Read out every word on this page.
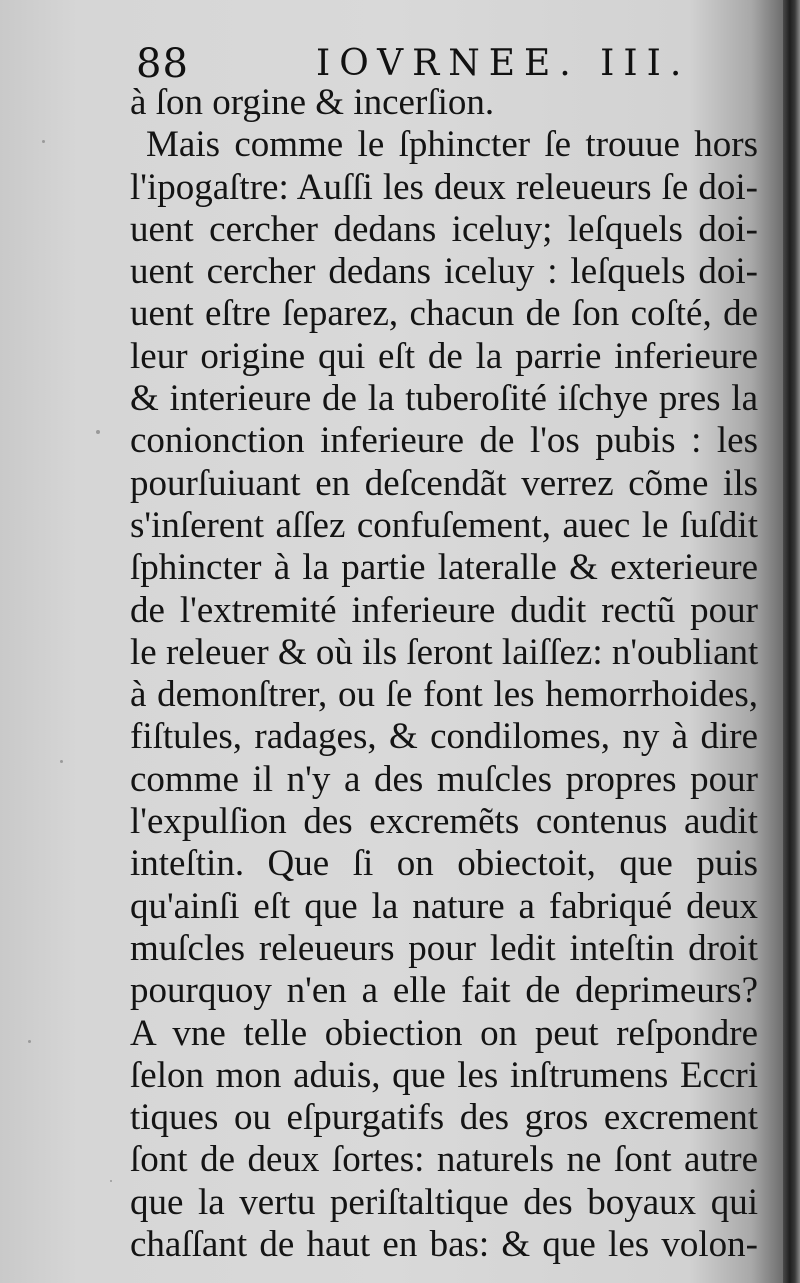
88	IOVRNEE. III.
à ſon orgine & incerſion.
Mais comme le ſphincter ſe trouue hors
l'ipogaſtre: Auſſi les deux releueurs ſe doi-
uent cercher dedans iceluy; leſquels doi-
uent cercher dedans iceluy : leſquels doi-
uent eſtre ſeparez, chacun de ſon coſté, de
leur origine qui eſt de la parrie inferieure
& interieure de la tuberoſité iſchye pres la
conionction inferieure de l'os pubis : les
pourſuiuant en deſcendãt verrez cõme ils
s'inſerent aſſez confuſement, auec le ſuſdit
ſphincter à la partie lateralle & exterieure
de l'extremité inferieure dudit rectũ pour
le releuer & où ils ſeront laiſſez: n'oubliant
à demonſtrer, ou ſe font les hemorrhoides,
fiſtules, radages, & condilomes, ny à dire
comme il n'y a des muſcles propres pour
l'expulſion des excremẽts contenus audit
inteſtin. Que ſi on obiectoit, que puis
qu'ainſi eſt que la nature a fabriqué deux
muſcles releueurs pour ledit inteſtin droit
pourquoy n'en a elle fait de deprimeurs?
A vne telle obiection on peut reſpondre
ſelon mon aduis, que les inſtrumens Eccri
tiques ou eſpurgatifs des gros excrement
ſont de deux ſortes: naturels ne ſont autre
que la vertu periſtaltique des boyaux qui
chaſſant de haut en bas: & que les volon-
